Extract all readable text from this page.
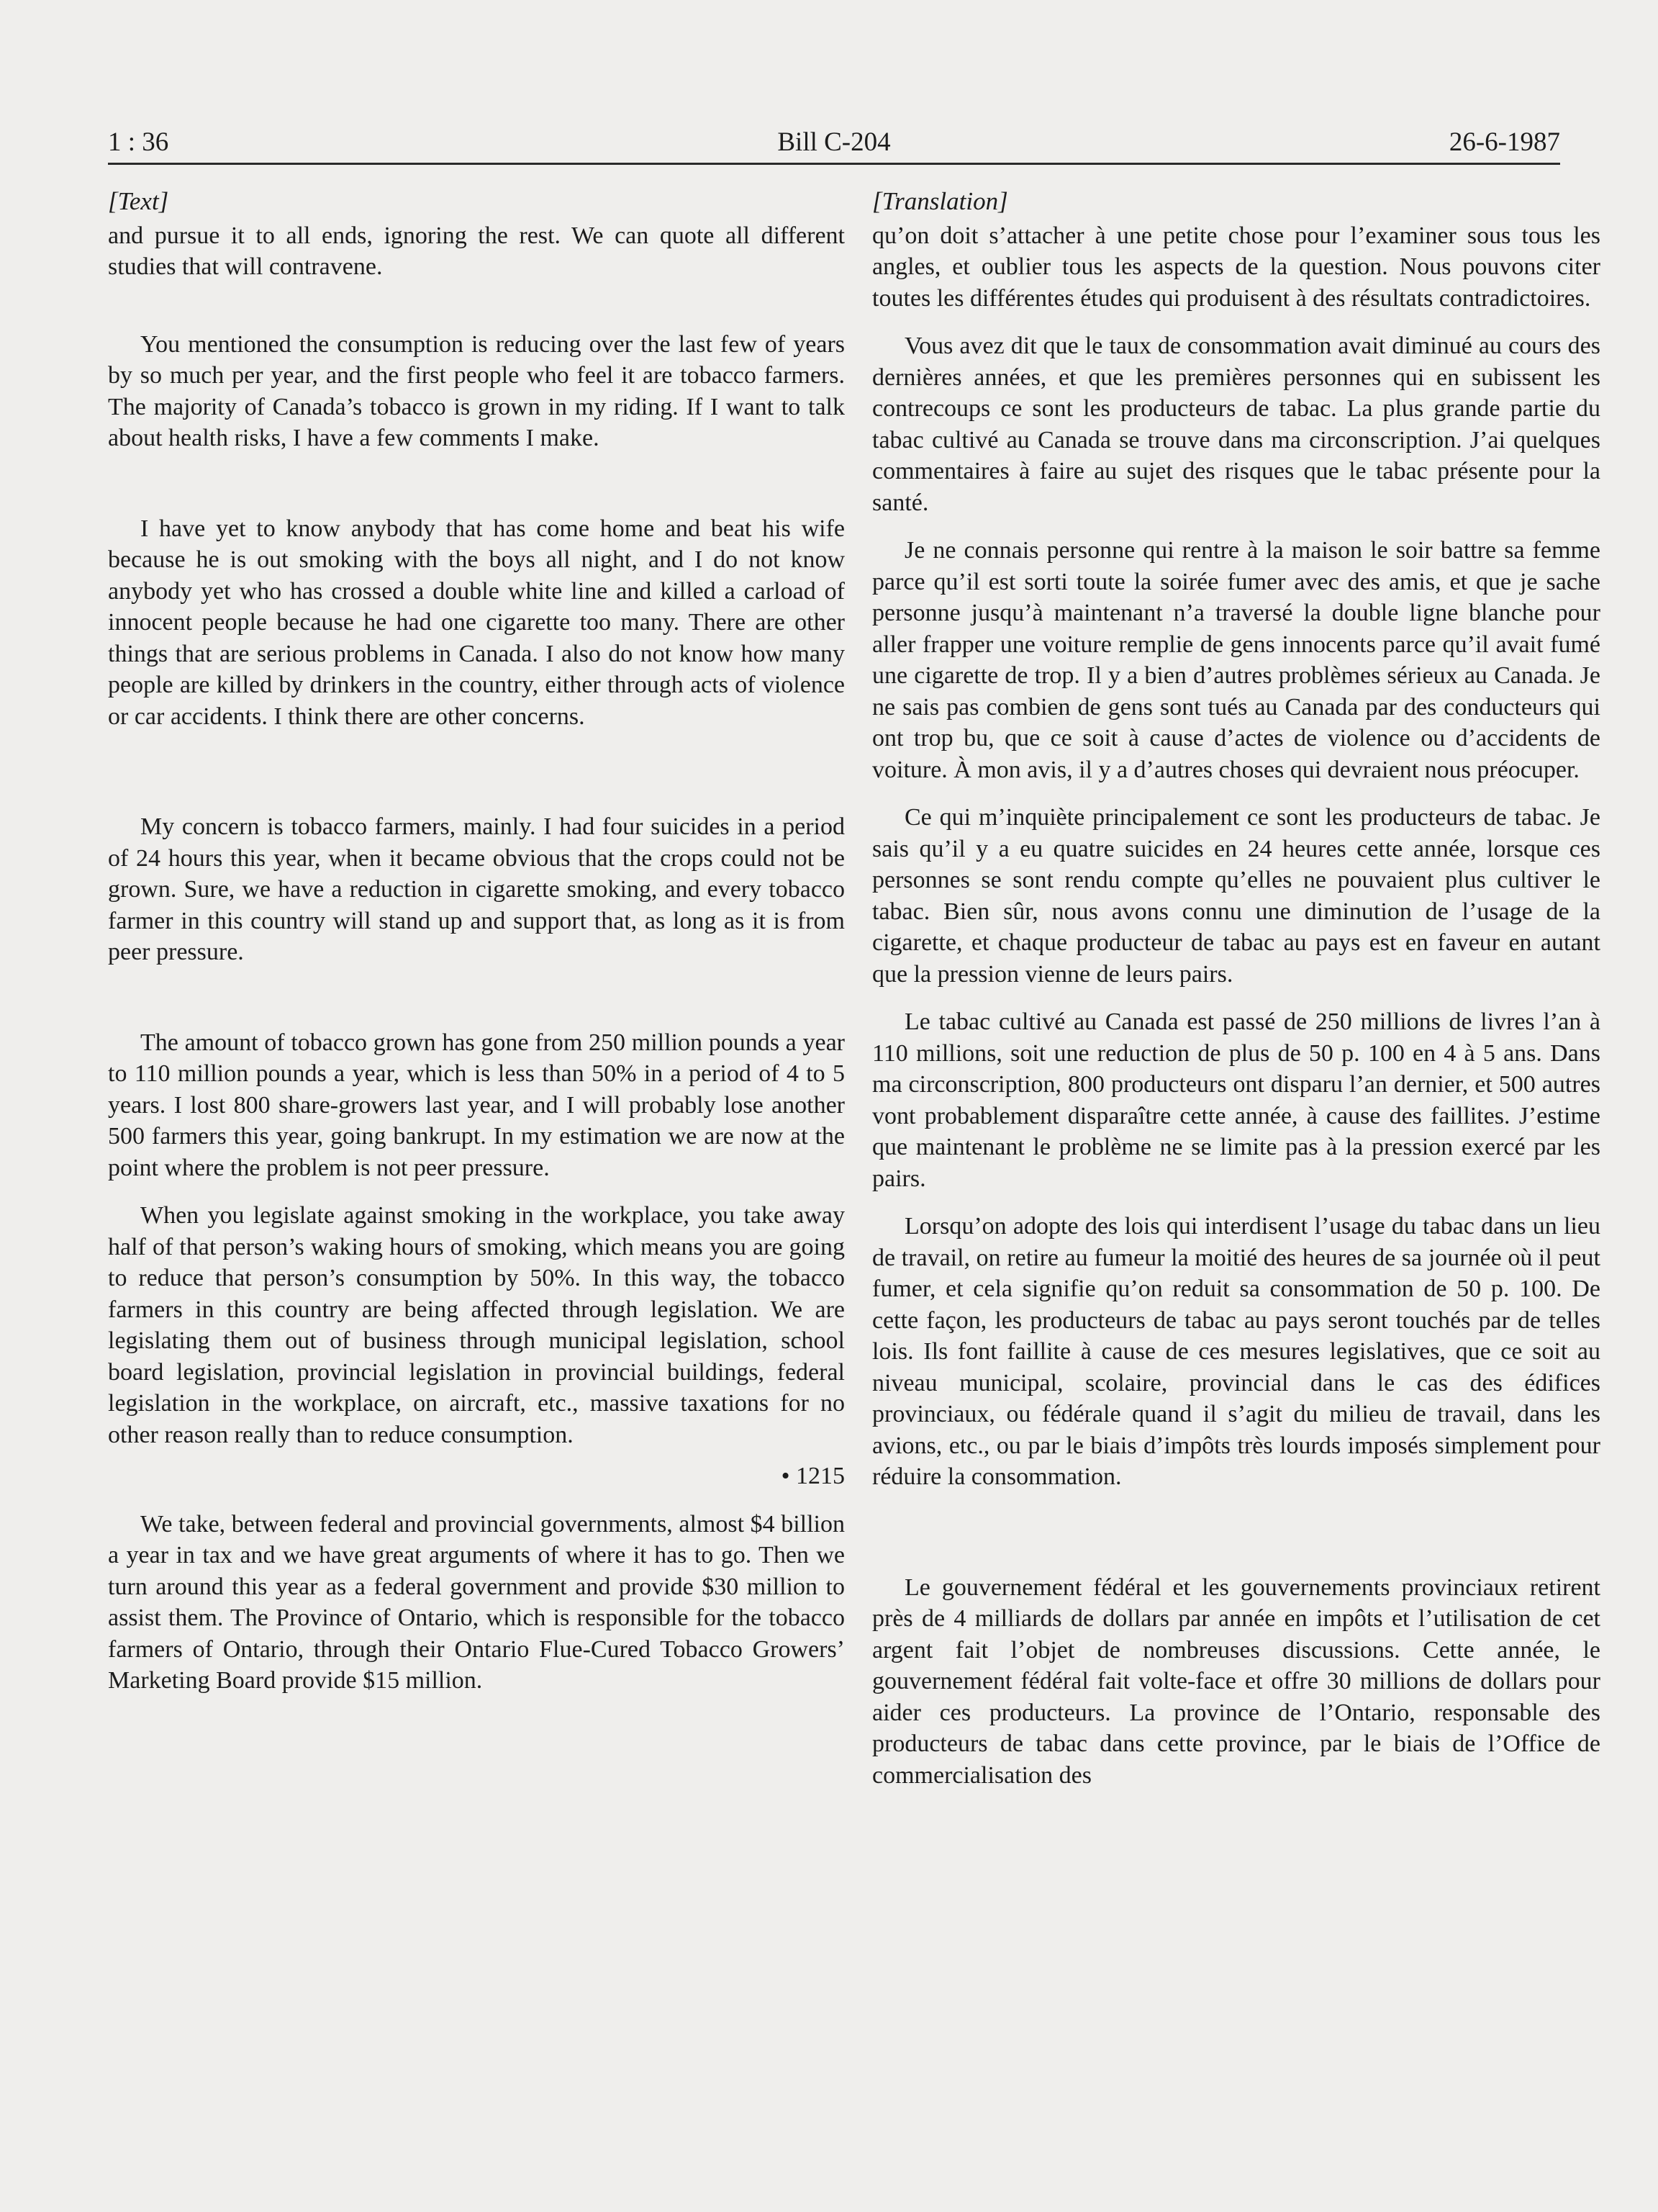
1 : 36	Bill C-204	26-6-1987
[Text]

and pursue it to all ends, ignoring the rest. We can quote all different studies that will contravene.

You mentioned the consumption is reducing over the last few of years by so much per year, and the first people who feel it are tobacco farmers. The majority of Canada’s tobacco is grown in my riding. If I want to talk about health risks, I have a few comments I make.

I have yet to know anybody that has come home and beat his wife because he is out smoking with the boys all night, and I do not know anybody yet who has crossed a double white line and killed a carload of innocent people because he had one cigarette too many. There are other things that are serious problems in Canada. I also do not know how many people are killed by drinkers in the country, either through acts of violence or car accidents. I think there are other concerns.

My concern is tobacco farmers, mainly. I had four suicides in a period of 24 hours this year, when it became obvious that the crops could not be grown. Sure, we have a reduction in cigarette smoking, and every tobacco farmer in this country will stand up and support that, as long as it is from peer pressure.

The amount of tobacco grown has gone from 250 million pounds a year to 110 million pounds a year, which is less than 50% in a period of 4 to 5 years. I lost 800 share-growers last year, and I will probably lose another 500 farmers this year, going bankrupt. In my estimation we are now at the point where the problem is not peer pressure.

When you legislate against smoking in the workplace, you take away half of that person’s waking hours of smoking, which means you are going to reduce that person’s consumption by 50%. In this way, the tobacco farmers in this country are being affected through legislation. We are legislating them out of business through municipal legislation, school board legislation, provincial legislation in provincial buildings, federal legislation in the workplace, on aircraft, etc., massive taxations for no other reason really than to reduce consumption.

• 1215

We take, between federal and provincial governments, almost $4 billion a year in tax and we have great arguments of where it has to go. Then we turn around this year as a federal government and provide $30 million to assist them. The Province of Ontario, which is responsible for the tobacco farmers of Ontario, through their Ontario Flue-Cured Tobacco Growers’ Marketing Board provide $15 million.

[Translation]

qu’on doit s’attacher à une petite chose pour l’examiner sous tous les angles, et oublier tous les aspects de la question. Nous pouvons citer toutes les différentes études qui produisent à des résultats contradictoires.

Vous avez dit que le taux de consommation avait diminué au cours des dernières années, et que les premières personnes qui en subissent les contrecoups ce sont les producteurs de tabac. La plus grande partie du tabac cultivé au Canada se trouve dans ma circonscription. J’ai quelques commentaires à faire au sujet des risques que le tabac présente pour la santé.

Je ne connais personne qui rentre à la maison le soir battre sa femme parce qu’il est sorti toute la soirée fumer avec des amis, et que je sache personne jusqu’à maintenant n’a traversé la double ligne blanche pour aller frapper une voiture remplie de gens innocents parce qu’il avait fumé une cigarette de trop. Il y a bien d’autres problèmes sérieux au Canada. Je ne sais pas combien de gens sont tués au Canada par des conducteurs qui ont trop bu, que ce soit à cause d’actes de violence ou d’accidents de voiture. À mon avis, il y a d’autres choses qui devraient nous préocuper.

Ce qui m’inquiète principalement ce sont les producteurs de tabac. Je sais qu’il y a eu quatre suicides en 24 heures cette année, lorsque ces personnes se sont rendu compte qu’elles ne pouvaient plus cultiver le tabac. Bien sûr, nous avons connu une diminution de l’usage de la cigarette, et chaque producteur de tabac au pays est en faveur en autant que la pression vienne de leurs pairs.

Le tabac cultivé au Canada est passé de 250 millions de livres l’an à 110 millions, soit une reduction de plus de 50 p. 100 en 4 à 5 ans. Dans ma circonscription, 800 producteurs ont disparu l’an dernier, et 500 autres vont probablement disparaître cette année, à cause des faillites. J’estime que maintenant le problème ne se limite pas à la pression exercé par les pairs.

Lorsqu’on adopte des lois qui interdisent l’usage du tabac dans un lieu de travail, on retire au fumeur la moitié des heures de sa journée où il peut fumer, et cela signifie qu’on reduit sa consommation de 50 p. 100. De cette façon, les producteurs de tabac au pays seront touchés par de telles lois. Ils font faillite à cause de ces mesures legislatives, que ce soit au niveau municipal, scolaire, provincial dans le cas des édifices provinciaux, ou fédérale quand il s’agit du milieu de travail, dans les avions, etc., ou par le biais d’impôts très lourds imposés simplement pour réduire la consommation.

Le gouvernement fédéral et les gouvernements provinciaux retirent près de 4 milliards de dollars par année en impôts et l’utilisation de cet argent fait l’objet de nombreuses discussions. Cette année, le gouvernement fédéral fait volte-face et offre 30 millions de dollars pour aider ces producteurs. La province de l’Ontario, responsable des producteurs de tabac dans cette province, par le biais de l’Office de commercialisation des
